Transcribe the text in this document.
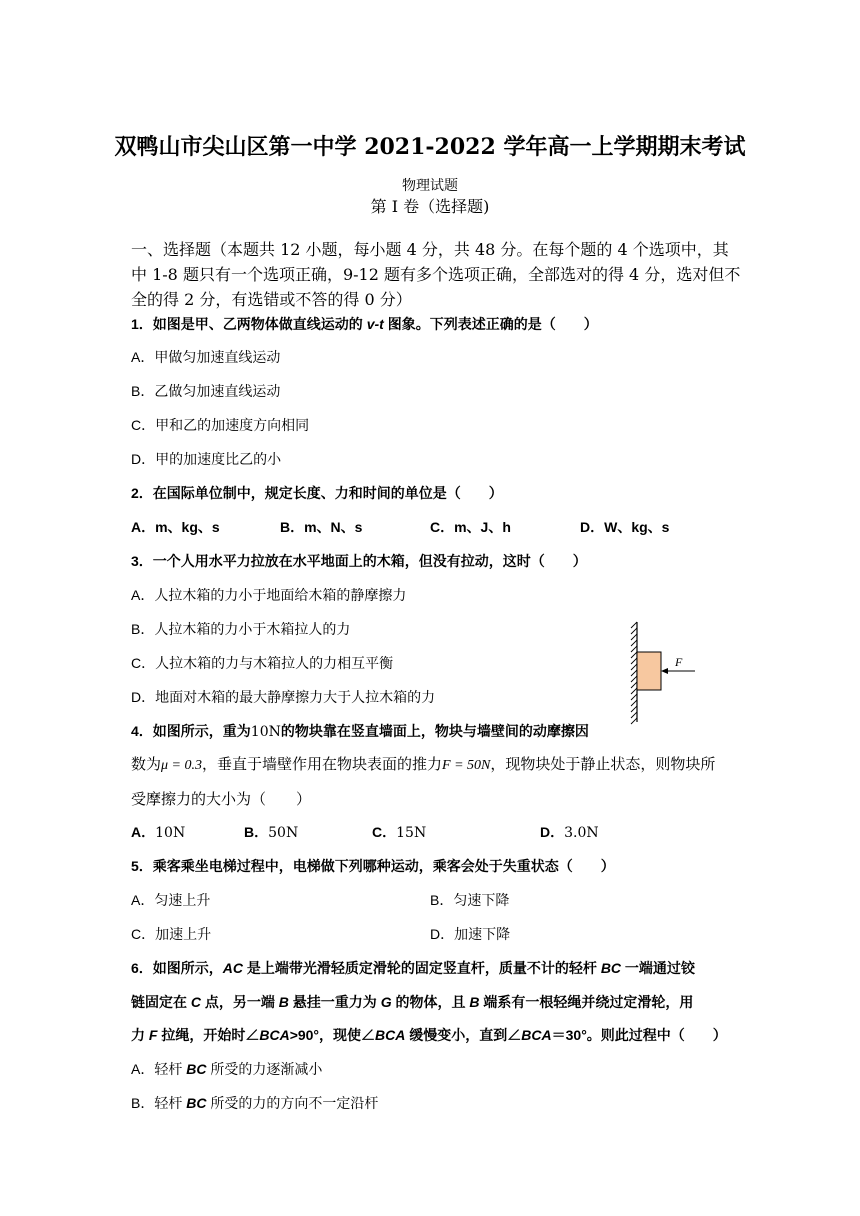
双鸭山市尖山区第一中学 2021-2022 学年高一上学期期末考试
物理试题
第 I 卷（选择题)
一、选择题（本题共 12 小题，每小题 4 分，共 48 分。在每个题的 4 个选项中，其中 1-8 题只有一个选项正确，9-12 题有多个选项正确，全部选对的得 4 分，选对但不全的得 2 分，有选错或不答的得 0 分）
1．如图是甲、乙两物体做直线运动的 v-t 图象。下列表述正确的是（　　）
A．甲做匀加速直线运动
B．乙做匀加速直线运动
C．甲和乙的加速度方向相同
D．甲的加速度比乙的小
2．在国际单位制中，规定长度、力和时间的单位是（　　）
A．m、kg、s	B．m、N、s	C．m、J、h	D．W、kg、s
3．一个人用水平力拉放在水平地面上的木箱，但没有拉动，这时（　　）
A．人拉木箱的力小于地面给木箱的静摩擦力
B．人拉木箱的力小于木箱拉人的力
C．人拉木箱的力与木箱拉人的力相互平衡
D．地面对木箱的最大静摩擦力大于人拉木箱的力
F
4．如图所示，重为10N的物块靠在竖直墙面上，物块与墙壁间的动摩擦因
数为μ = 0.3，垂直于墙壁作用在物块表面的推力F = 50N，现物块处于静止状态，则物块所
受摩擦力的大小为（　　）
A．10N	B．50N	C．15N	D．3.0N
5．乘客乘坐电梯过程中，电梯做下列哪种运动，乘客会处于失重状态（　　）
A．匀速上升	B．匀速下降
C．加速上升	D．加速下降
6．如图所示，AC 是上端带光滑轻质定滑轮的固定竖直杆，质量不计的轻杆 BC 一端通过铰
链固定在 C 点，另一端 B 悬挂一重力为 G 的物体，且 B 端系有一根轻绳并绕过定滑轮，用
力 F 拉绳，开始时∠BCA>90°，现使∠BCA 缓慢变小，直到∠BCA＝30°。则此过程中（　　）
A．轻杆 BC 所受的力逐渐减小
B．轻杆 BC 所受的力的方向不一定沿杆
